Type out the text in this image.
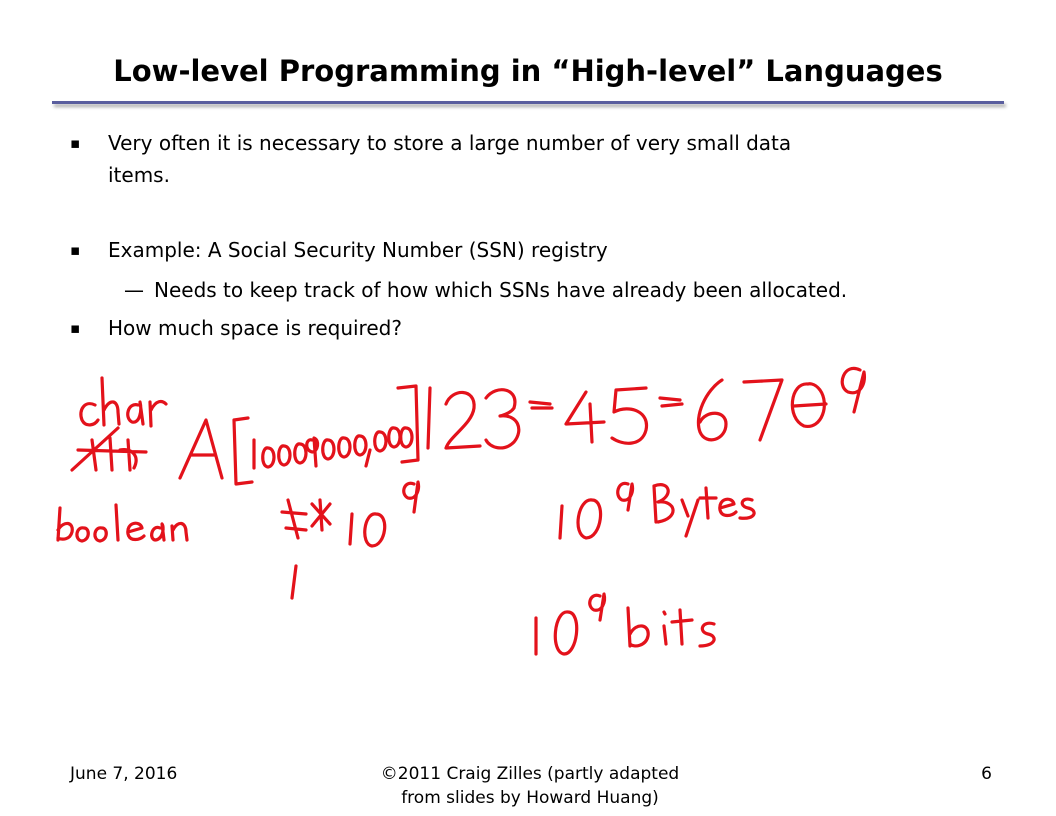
Low-level Programming in “High-level” Languages
▪	Very often it is necessary to store a large number of very small data
items.
▪	Example: A Social Security Number (SSN) registry
— Needs to keep track of how which SSNs have already been allocated.
▪	How much space is required?
June 7, 2016	©2011 Craig Zilles (partly adapted
from slides by Howard Huang)
6
